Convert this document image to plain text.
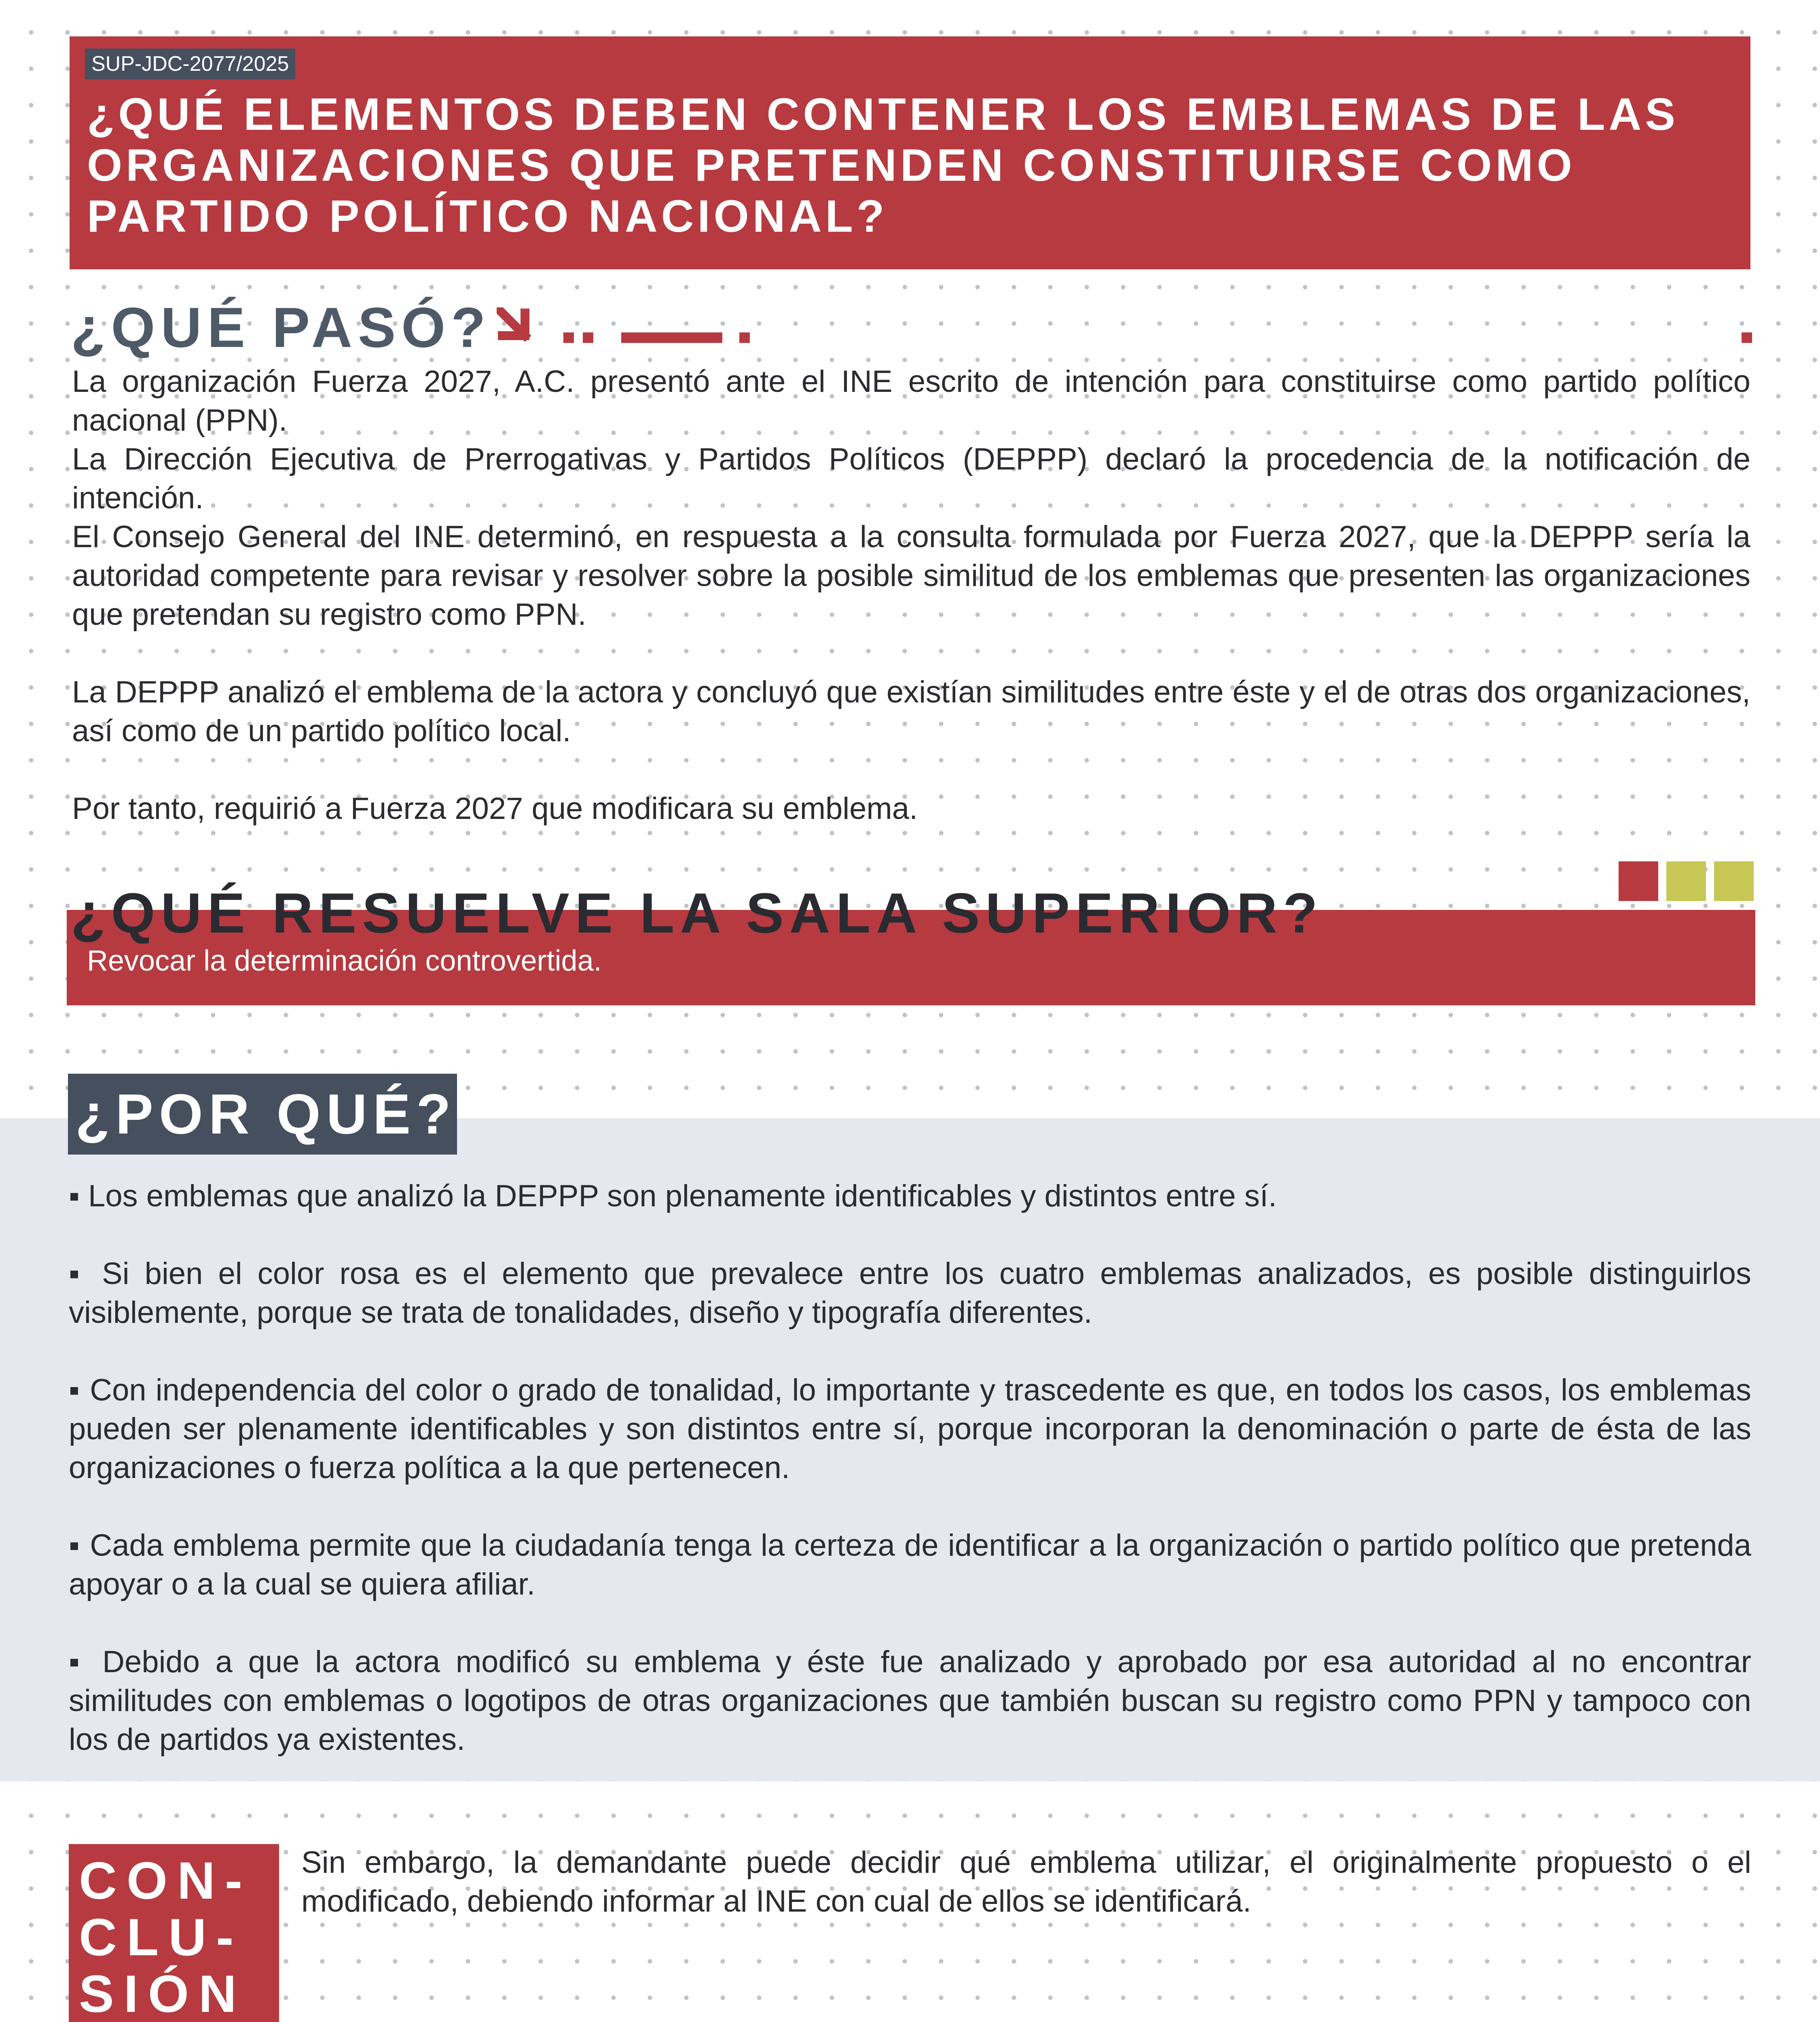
SUP-JDC-2077/2025
¿QUÉ ELEMENTOS DEBEN CONTENER LOS EMBLEMAS DE LAS ORGANIZACIONES QUE PRETENDEN CONSTITUIRSE COMO PARTIDO POLÍTICO NACIONAL?
¿QUÉ PASÓ?

La organización Fuerza 2027, A.C. presentó ante el INE escrito de intención para constituirse como partido político nacional (PPN).

La Dirección Ejecutiva de Prerrogativas y Partidos Políticos (DEPPP) declaró la procedencia de la notificación de intención.

El Consejo General del INE determinó, en respuesta a la consulta formulada por Fuerza 2027, que la DEPPP sería la autoridad competente para revisar y resolver sobre la posible similitud de los emblemas que presenten las organizaciones que pretendan su registro como PPN.

La DEPPP analizó el emblema de la actora y concluyó que existían similitudes entre éste y el de otras dos organizaciones, así como de un partido político local.

Por tanto, requirió a Fuerza 2027 que modificara su emblema.

¿QUÉ RESUELVE LA SALA SUPERIOR?
Revocar la determinación controvertida.
¿POR QUÉ?

▪ Los emblemas que analizó la DEPPP son plenamente identificables y distintos entre sí.

▪ Si bien el color rosa es el elemento que prevalece entre los cuatro emblemas analizados, es posible distinguirlos visiblemente, porque se trata de tonalidades, diseño y tipografía diferentes.

▪ Con independencia del color o grado de tonalidad, lo importante y trascedente es que, en todos los casos, los emblemas pueden ser plenamente identificables y son distintos entre sí, porque incorporan la denominación o parte de ésta de las organizaciones o fuerza política a la que pertenecen.

▪ Cada emblema permite que la ciudadanía tenga la certeza de identificar a la organización o partido político que pretenda apoyar o a la cual se quiera afiliar.

▪ Debido a que la actora modificó su emblema y éste fue analizado y aprobado por esa autoridad al no encontrar similitudes con emblemas o logotipos de otras organizaciones que también buscan su registro como PPN y tampoco con los de partidos ya existentes.

CON-
CLU-
SIÓN
Sin embargo, la demandante puede decidir qué emblema utilizar, el originalmente propuesto o el modificado, debiendo informar al INE con cual de ellos se identificará.
